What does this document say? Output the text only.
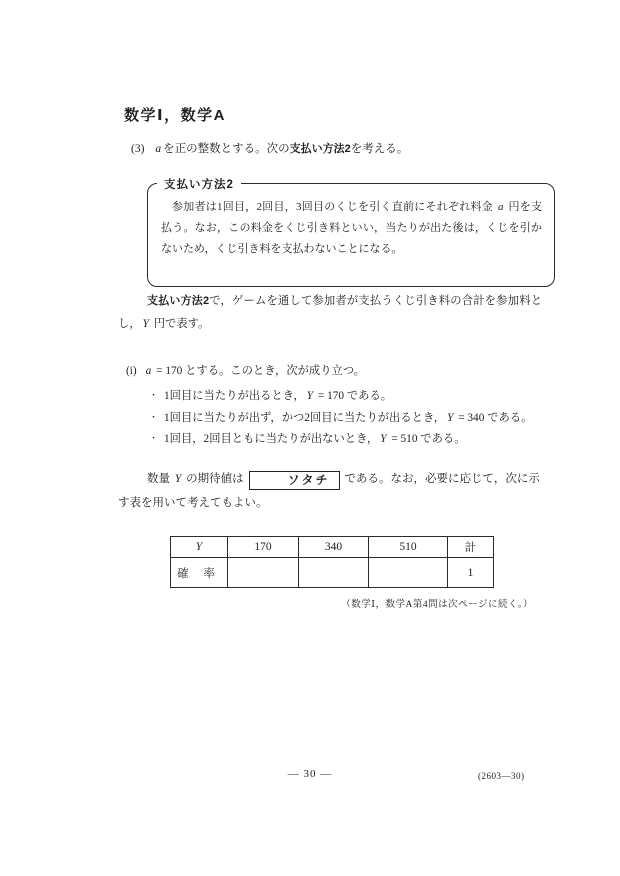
数学Ⅰ，数学A
(3) a を正の整数とする。次の支払い方法2を考える。
支払い方法2
参加者は1回目，2回目，3回目のくじを引く直前にそれぞれ料金 a 円を支払う。なお，この料金をくじ引き料といい，当たりが出た後は，くじを引かないため，くじ引き料を支払わないことになる。
支払い方法2で，ゲームを通して参加者が支払うくじ引き料の合計を参加料とし， Y 円で表す。
(i) a = 170 とする。このとき，次が成り立つ。
・ 1回目に当たりが出るとき， Y = 170 である。
・ 1回目に当たりが出ず，かつ2回目に当たりが出るとき， Y = 340 である。
・ 1回目，2回目ともに当たりが出ないとき， Y = 510 である。
数量 Y の期待値は	ソタチ である。なお，必要に応じて，次に示す表を用いて考えてもよい。
Y	170	340	510	計
確 率				1
（数学Ⅰ，数学A第4問は次ページに続く。）
— 30 —	(2603—30)
